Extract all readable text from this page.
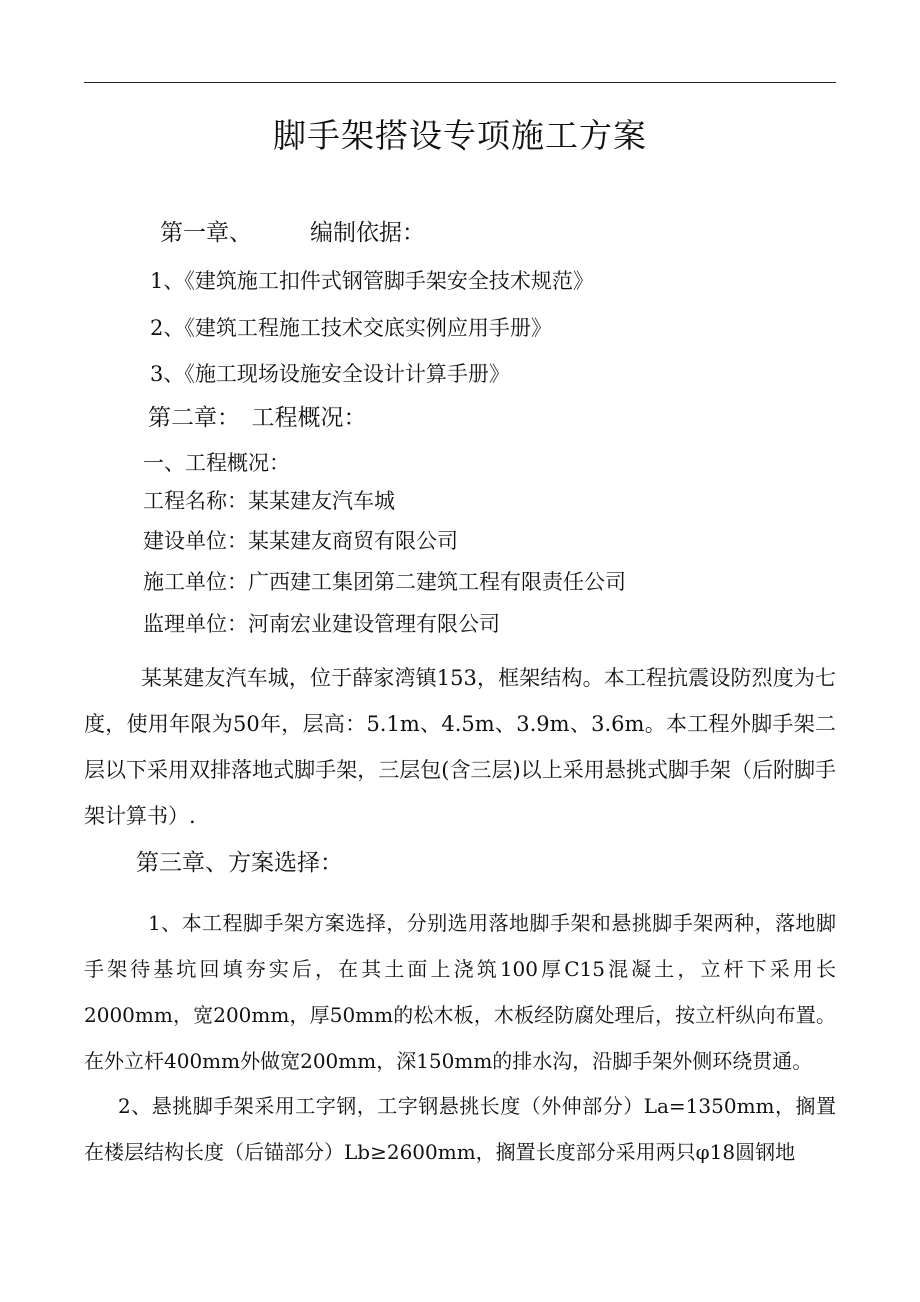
脚手架搭设专项施工方案
第一章、	编制依据：
1、《建筑施工扣件式钢管脚手架安全技术规范》
2、《建筑工程施工技术交底实例应用手册》
3、《施工现场设施安全设计计算手册》
第二章：　工程概况：
一、工程概况：
工程名称：某某建友汽车城
建设单位：某某建友商贸有限公司
施工单位：广西建工集团第二建筑工程有限责任公司
监理单位：河南宏业建设管理有限公司
某某建友汽车城，位于薛家湾镇153，框架结构。本工程抗震设防烈度为七度，使用年限为50年，层高：5.1m、4.5m、3.9m、3.6m。本工程外脚手架二层以下采用双排落地式脚手架，三层包(含三层)以上采用悬挑式脚手架（后附脚手架计算书）.
第三章、方案选择：
1、本工程脚手架方案选择，分别选用落地脚手架和悬挑脚手架两种，落地脚手架待基坑回填夯实后，在其土面上浇筑100厚C15混凝土，立杆下采用长2000mm，宽200mm，厚50mm的松木板，木板经防腐处理后，按立杆纵向布置。在外立杆400mm外做宽200mm，深150mm的排水沟，沿脚手架外侧环绕贯通。
2、悬挑脚手架采用工字钢，工字钢悬挑长度（外伸部分）La=1350mm，搁置在楼层结构长度（后锚部分）Lb≥2600mm，搁置长度部分采用两只φ18圆钢地
